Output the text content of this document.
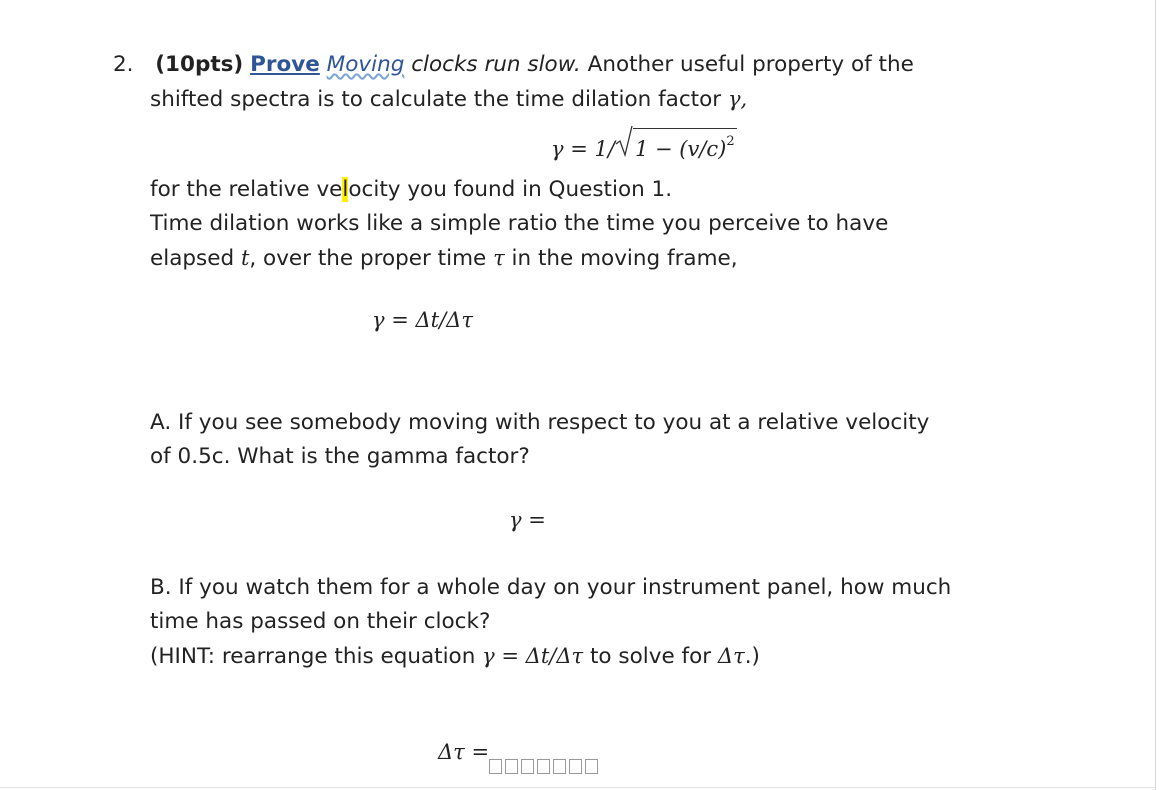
2. (10pts) Prove Moving clocks run slow. Another useful property of the
shifted spectra is to calculate the time dilation factor γ,
γ = 1/ $1 - (v/c)^2$
for the relative velocity you found in Question 1.
Time dilation works like a simple ratio the time you perceive to have
elapsed t, over the proper time τ in the moving frame,
γ = Δt/Δτ
A. If you see somebody moving with respect to you at a relative velocity
of 0.5c. What is the gamma factor?
γ =
B. If you watch them for a whole day on your instrument panel, how much
time has passed on their clock?
(HINT: rearrange this equation γ = Δt/Δτ to solve for Δτ.)
Δτ =
